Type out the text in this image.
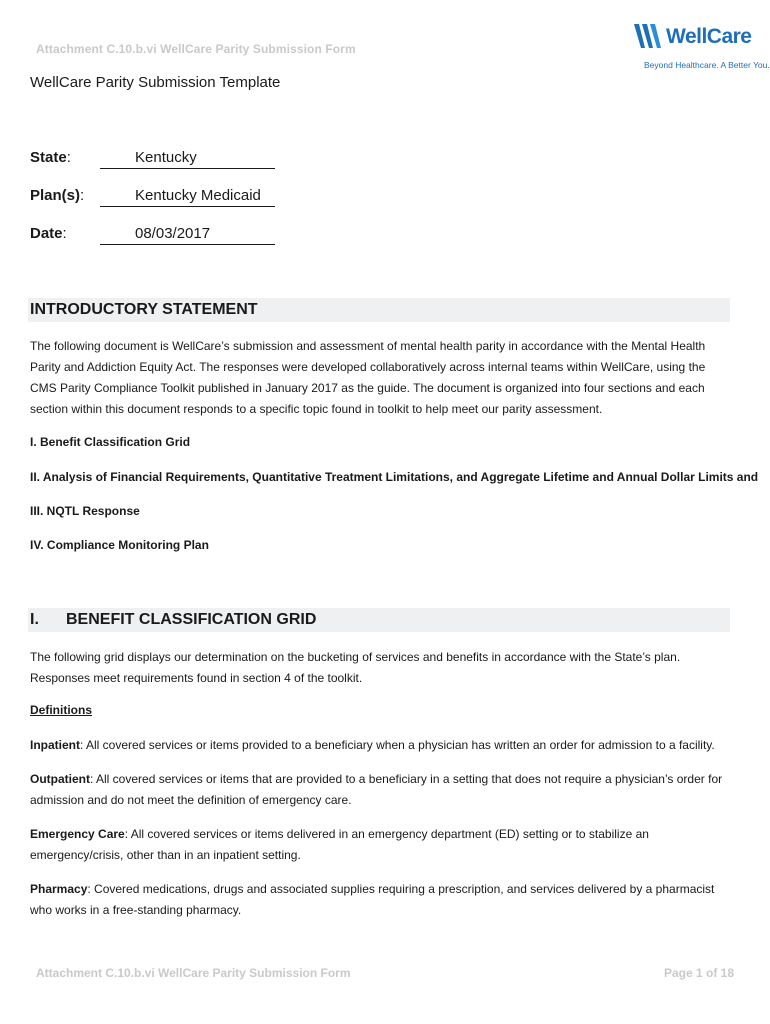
Attachment C.10.b.vi WellCare Parity Submission Form
WellCare
Beyond Healthcare. A Better You.
WellCare Parity Submission Template
State:	Kentucky
Plan(s):	Kentucky Medicaid
Date:	08/03/2017
INTRODUCTORY STATEMENT
The following document is WellCare’s submission and assessment of mental health parity in accordance with the Mental Health Parity and Addiction Equity Act. The responses were developed collaboratively across internal teams within WellCare, using the CMS Parity Compliance Toolkit published in January 2017 as the guide. The document is organized into four sections and each section within this document responds to a specific topic found in toolkit to help meet our parity assessment.
I. Benefit Classification Grid
II. Analysis of Financial Requirements, Quantitative Treatment Limitations, and Aggregate Lifetime and Annual Dollar Limits and
III. NQTL Response
IV. Compliance Monitoring Plan
I. BENEFIT CLASSIFICATION GRID
The following grid displays our determination on the bucketing of services and benefits in accordance with the State’s plan. Responses meet requirements found in section 4 of the toolkit.
Definitions
Inpatient: All covered services or items provided to a beneficiary when a physician has written an order for admission to a facility.
Outpatient: All covered services or items that are provided to a beneficiary in a setting that does not require a physician’s order for admission and do not meet the definition of emergency care.
Emergency Care: All covered services or items delivered in an emergency department (ED) setting or to stabilize an emergency/crisis, other than in an inpatient setting.
Pharmacy: Covered medications, drugs and associated supplies requiring a prescription, and services delivered by a pharmacist who works in a free-standing pharmacy.
Attachment C.10.b.vi WellCare Parity Submission Form	Page 1 of 18
